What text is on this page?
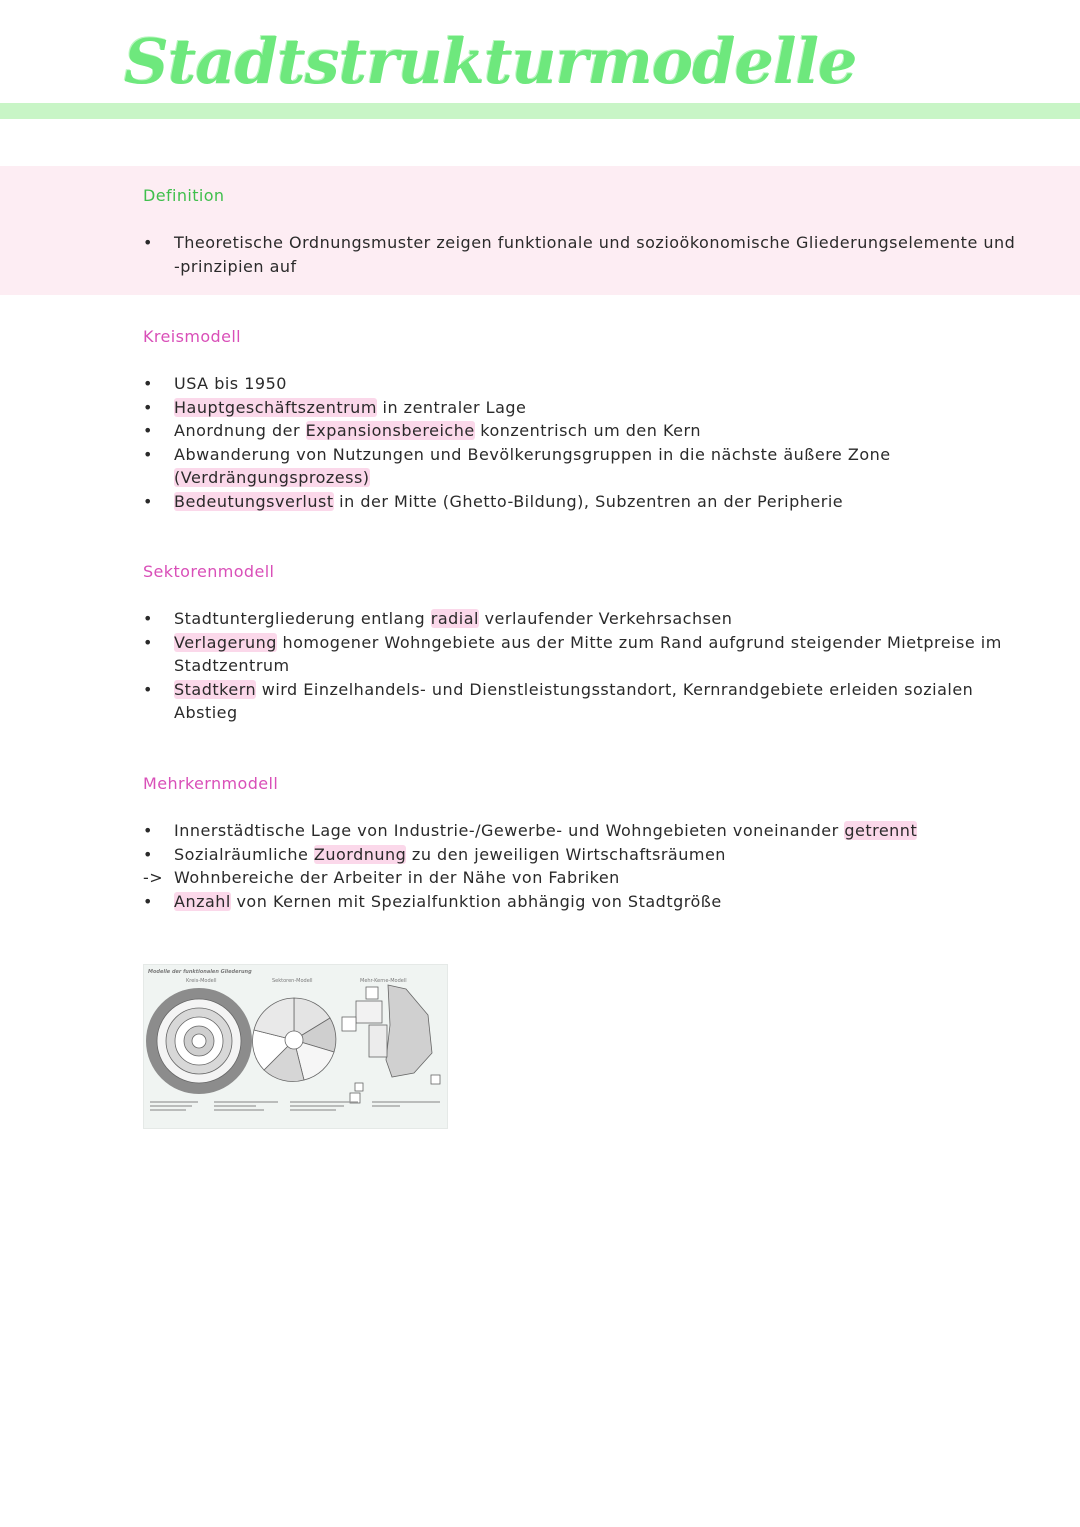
Stadtstrukturmodelle
Definition
•	Theoretische Ordnungsmuster zeigen funktionale und sozioökonomische Gliederungselemente und -prinzipien auf
Kreismodell
•	USA bis 1950
•	Hauptgeschäftszentrum in zentraler Lage
•	Anordnung der Expansionsbereiche konzentrisch um den Kern
•	Abwanderung von Nutzungen und Bevölkerungsgruppen in die nächste äußere Zone (Verdrängungsprozess)
•	Bedeutungsverlust in der Mitte (Ghetto-Bildung), Subzentren an der Peripherie
Sektorenmodell
•	Stadtuntergliederung entlang radial verlaufender Verkehrsachsen
•	Verlagerung homogener Wohngebiete aus der Mitte zum Rand aufgrund steigender Mietpreise im Stadtzentrum
•	Stadtkern wird Einzelhandels- und Dienstleistungsstandort, Kernrandgebiete erleiden sozialen Abstieg
Mehrkernmodell
•	Innerstädtische Lage von Industrie-/Gewerbe- und Wohngebieten voneinander getrennt
•	Sozialräumliche Zuordnung zu den jeweiligen Wirtschaftsräumen
-> Wohnbereiche der Arbeiter in der Nähe von Fabriken
•	Anzahl von Kernen mit Spezialfunktion abhängig von Stadtgröße
Modelle der funktionalen Gliederung
Kreis-Modell	Sektoren-Modell	Mehr-Kerne-Modell
